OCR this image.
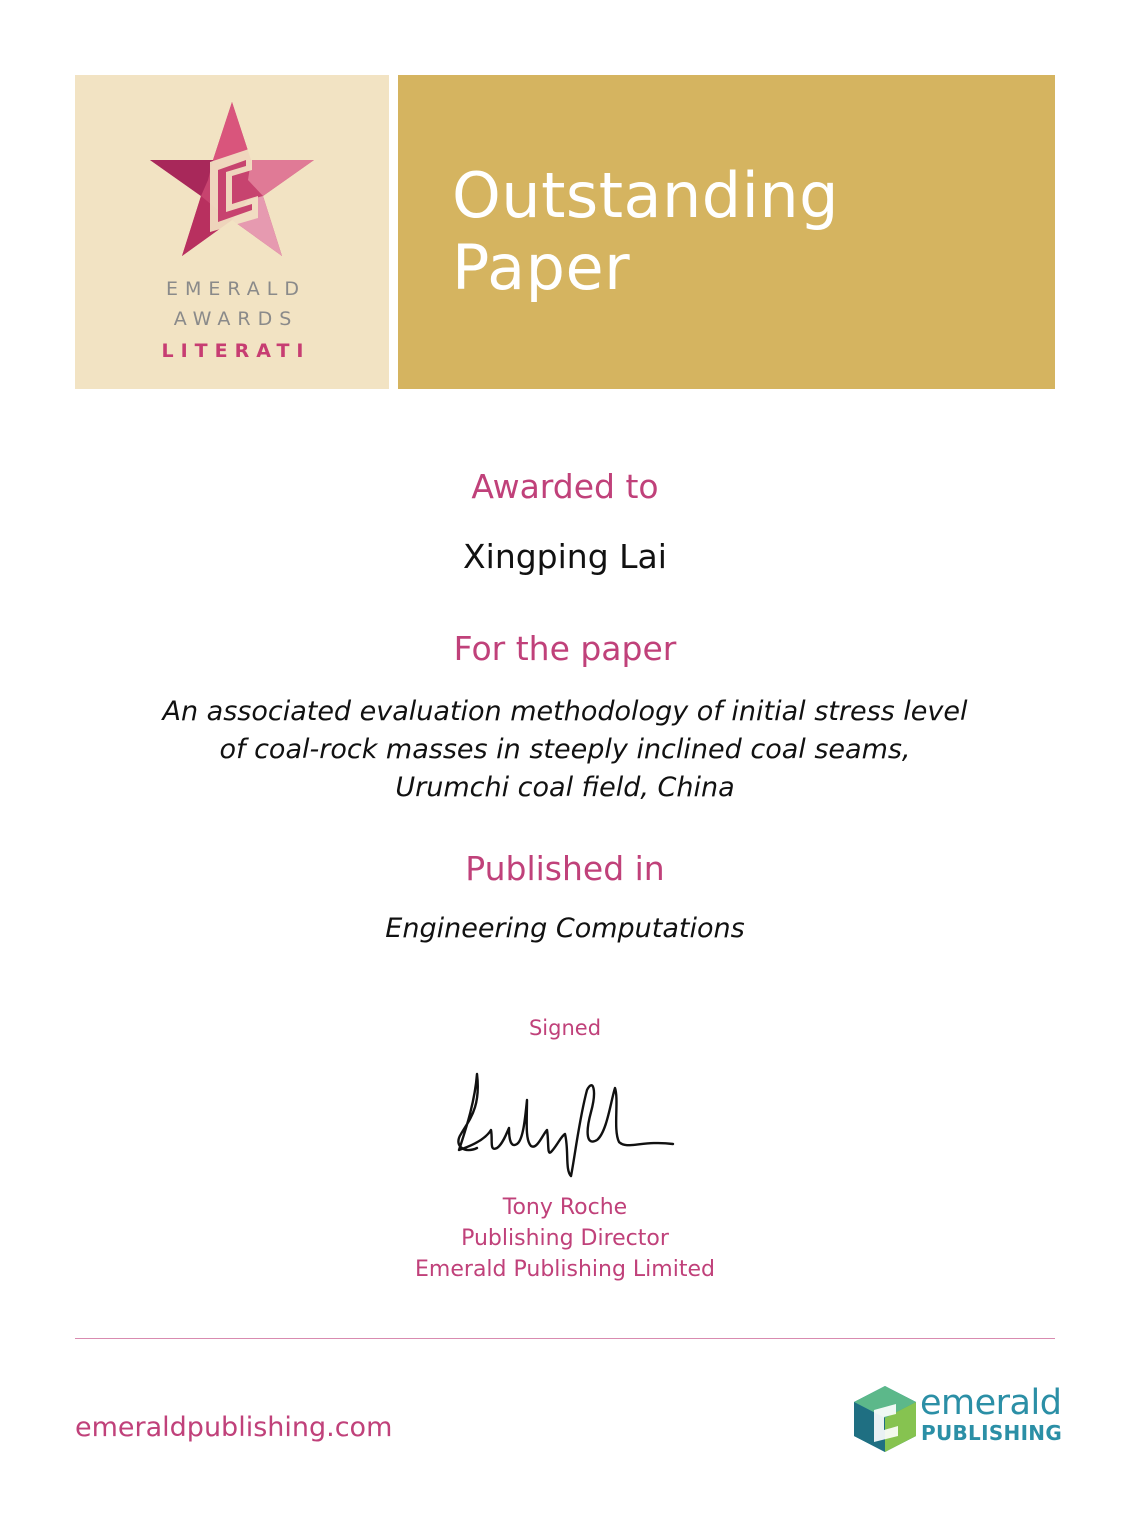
EMERALD
AWARDS
LITERATI
Outstanding
Paper
Awarded to
Xingping Lai
For the paper
An associated evaluation methodology of initial stress level
of coal-rock masses in steeply inclined coal seams,
Urumchi coal field, China
Published in
Engineering Computations
Signed
Tony Roche
Publishing Director
Emerald Publishing Limited
emeraldpublishing.com
emerald
PUBLISHING
